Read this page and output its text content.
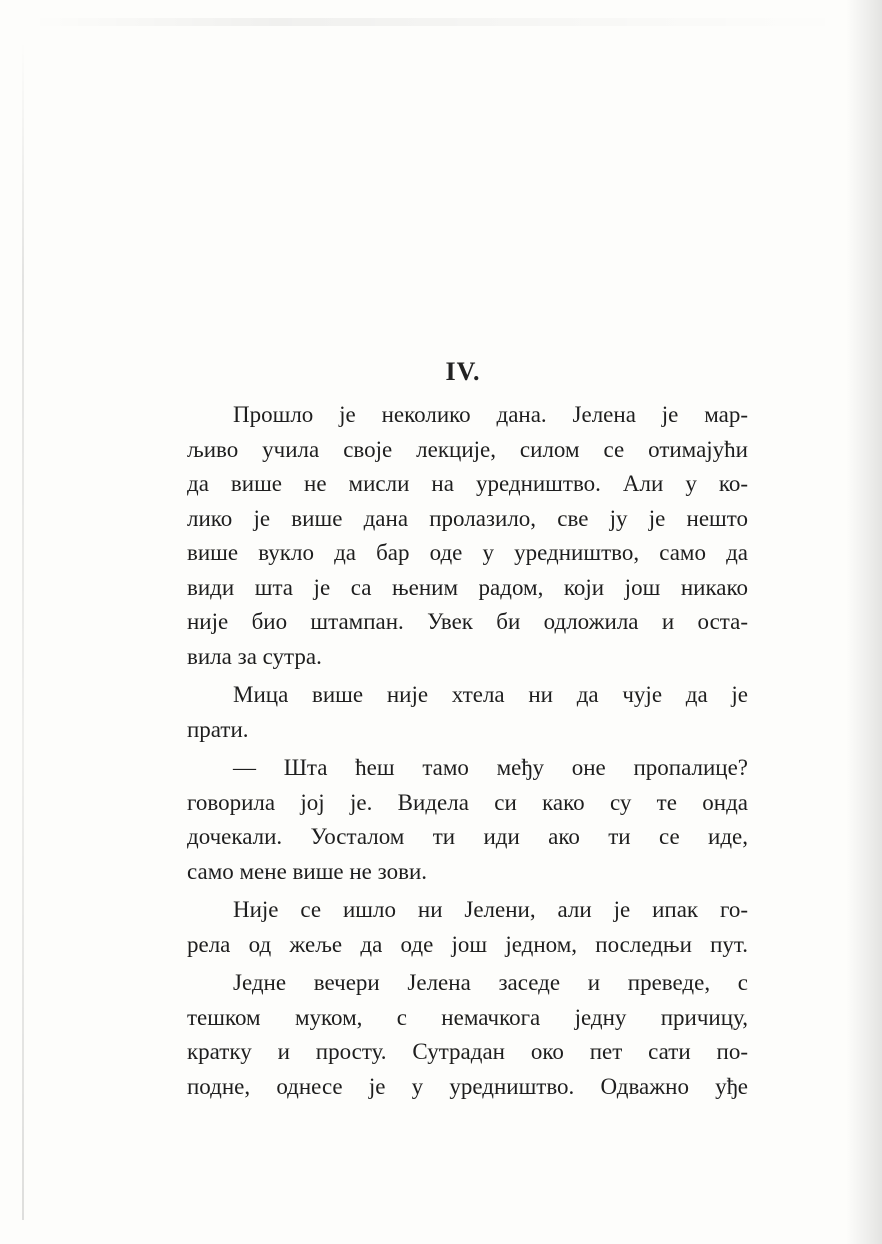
IV.
Прошло је неколико дана. Јелена је мар-
љиво учила своје лекције, силом се отимајући
да више не мисли на уредништво. Али у ко-
лико је више дана пролазило, све ју је нешто
више вукло да бар оде у уредништво, само да
види шта је са њеним радом, који још никако
није био штампан. Увек би одложила и оста-
вила за сутра.
Мица више није хтела ни да чује да је
прати.
— Шта ћеш тамо међу оне пропалице?
говорила јој је. Видела си како су те онда
дочекали. Уосталом ти иди ако ти се иде,
само мене више не зови.
Није се ишло ни Јелени, али је ипак го-
рела од жеље да оде још једном, последњи пут.
Једне вечери Јелена заседе и преведе, с
тешком муком, с немачкога једну причицу,
кратку и просту. Сутрадан око пет сати по-
подне, однесе је у уредништво. Одважно уђе
